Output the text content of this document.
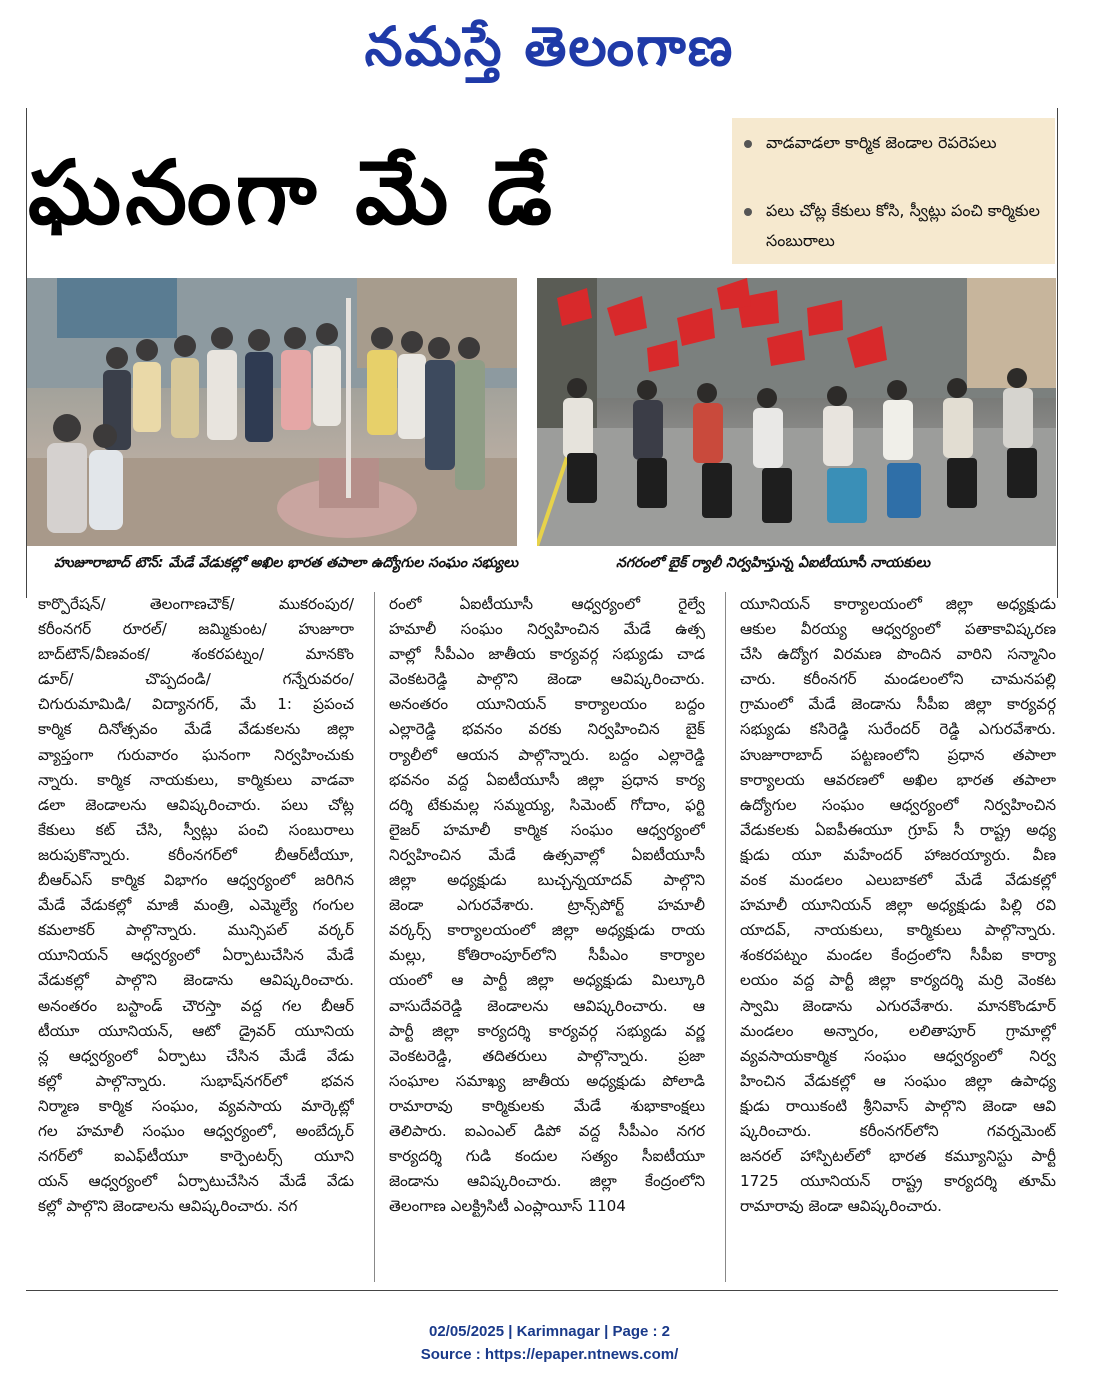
నమస్తే తెలంగాణ
ఘనంగా మే డే	వాడవాడలా కార్మిక జెండాల రెపరెపలు
పలు చోట్ల కేకులు కోసి, స్వీట్లు పంచి కార్మికుల సంబురాలు
హుజూరాబాద్ టౌన్: మేడే వేడుకల్లో అఖిల భారత తపాలా ఉద్యోగుల సంఘం సభ్యులు	నగరంలో బైక్ ర్యాలీ నిర్వహిస్తున్న ఏఐటీయూసీ నాయకులు
కార్పొరేషన్/ తెలంగాణచౌక్/ ముకరంపుర/
కరీంనగర్ రూరల్/ జమ్మికుంట/ హుజూరా
బాద్‌టౌన్/వీణవంక/ శంకరపట్నం/ మానకొం
డూర్/ చొప్పదండి/ గన్నేరువరం/
చిగురుమామిడి/ విద్యానగర్, మే 1: ప్రపంచ
కార్మిక దినోత్సవం మేడే వేడుకలను జిల్లా
వ్యాప్తంగా గురువారం ఘనంగా నిర్వహించుకు
న్నారు. కార్మిక నాయకులు, కార్మికులు వాడవా
డలా జెండాలను ఆవిష్కరించారు. పలు చోట్ల
కేకులు కట్ చేసి, స్వీట్లు పంచి సంబురాలు
జరుపుకొన్నారు. కరీంనగర్‌లో బీఆర్‌టీయూ,
బీఆర్ఎస్ కార్మిక విభాగం ఆధ్వర్యంలో జరిగిన
మేడే వేడుకల్లో మాజీ మంత్రి, ఎమ్మెల్యే గంగుల
కమలాకర్ పాల్గొన్నారు. మున్సిపల్ వర్కర్
యూనియన్ ఆధ్వర్యంలో ఏర్పాటుచేసిన మేడే
వేడుకల్లో పాల్గొని జెండాను ఆవిష్కరించారు.
అనంతరం బస్టాండ్ చౌరస్తా వద్ద గల బీఆర్
టీయూ యూనియన్, ఆటో డ్రైవర్ యూనియ
న్ల ఆధ్వర్యంలో ఏర్పాటు చేసిన మేడే వేడు
కల్లో పాల్గొన్నారు. సుభాష్‌నగర్‌లో భవన
నిర్మాణ కార్మిక సంఘం, వ్యవసాయ మార్కెట్లో
గల హమాలీ సంఘం ఆధ్వర్యంలో, అంబేద్కర్
నగర్‌లో ఐఎఫ్‌టీయూ కార్పెంటర్స్ యూని
యన్ ఆధ్వర్యంలో ఏర్పాటుచేసిన మేడే వేడు
కల్లో పాల్గొని జెండాలను ఆవిష్కరించారు. నగ
రంలో ఏఐటీయూసీ ఆధ్వర్యంలో రైల్వే
హమాలీ సంఘం నిర్వహించిన మేడే ఉత్స
వాల్లో సీపీఎం జాతీయ కార్యవర్గ సభ్యుడు చాడ
వెంకటరెడ్డి పాల్గొని జెండా ఆవిష్కరించారు.
అనంతరం యూనియన్ కార్యాలయం బద్దం
ఎల్లారెడ్డి భవనం వరకు నిర్వహించిన బైక్
ర్యాలీలో ఆయన పాల్గొన్నారు. బద్దం ఎల్లారెడ్డి
భవనం వద్ద ఏఐటీయూసీ జిల్లా ప్రధాన కార్య
దర్శి టేకుమల్ల సమ్మయ్య, సిమెంట్ గోదాం, ఫర్టి
లైజర్ హమాలీ కార్మిక సంఘం ఆధ్వర్యంలో
నిర్వహించిన మేడే ఉత్సవాల్లో ఏఐటీయూసీ
జిల్లా అధ్యక్షుడు బుచ్చన్నయాదవ్ పాల్గొని
జెండా ఎగురవేశారు. ట్రాన్స్‌పోర్ట్ హమాలీ
వర్కర్స్ కార్యాలయంలో జిల్లా అధ్యక్షుడు రాయ
మల్లు, కోతిరాంపూర్‌లోని సీపీఎం కార్యాల
యంలో ఆ పార్టీ జిల్లా అధ్యక్షుడు మిల్కూరి
వాసుదేవరెడ్డి జెండాలను ఆవిష్కరించారు. ఆ
పార్టీ జిల్లా కార్యదర్శి కార్యవర్గ సభ్యుడు వర్ణ
వెంకటరెడ్డి, తదితరులు పాల్గొన్నారు. ప్రజా
సంఘాల సమాఖ్య జాతీయ అధ్యక్షుడు పోలాడి
రామారావు కార్మికులకు మేడే శుభాకాంక్షలు
తెలిపారు. ఐఎంఎల్ డిపో వద్ద సీపీఎం నగర
కార్యదర్శి గుడి కందుల సత్యం సీఐటీయూ
జెండాను ఆవిష్కరించారు. జిల్లా కేంద్రంలోని
తెలంగాణ ఎలక్ట్రిసిటీ ఎంప్లాయీస్ 1104
యూనియన్ కార్యాలయంలో జిల్లా అధ్యక్షుడు
ఆకుల వీరయ్య ఆధ్వర్యంలో పతాకావిష్కరణ
చేసి ఉద్యోగ విరమణ పొందిన వారిని సన్మానిం
చారు. కరీంనగర్ మండలంలోని చామనపల్లి
గ్రామంలో మేడే జెండాను సీపీఐ జిల్లా కార్యవర్గ
సభ్యుడు కసిరెడ్డి సురేందర్ రెడ్డి ఎగురవేశారు.
హుజూరాబాద్ పట్టణంలోని ప్రధాన తపాలా
కార్యాలయ ఆవరణలో అఖిల భారత తపాలా
ఉద్యోగుల సంఘం ఆధ్వర్యంలో నిర్వహించిన
వేడుకలకు ఏఐపీఈయూ గ్రూప్ సీ రాష్ట్ర అధ్య
క్షుడు యూ మహేందర్ హాజరయ్యారు. వీణ
వంక మండలం ఎలుబాకలో మేడే వేడుకల్లో
హమాలీ యూనియన్ జిల్లా అధ్యక్షుడు పిల్లి రవి
యాదవ్, నాయకులు, కార్మికులు పాల్గొన్నారు.
శంకరపట్నం మండల కేంద్రంలోని సీపీఐ కార్యా
లయం వద్ద పార్టీ జిల్లా కార్యదర్శి మర్రి వెంకట
స్వామి జెండాను ఎగురవేశారు. మానకొండూర్
మండలం అన్నారం, లలితాపూర్ గ్రామాల్లో
వ్యవసాయకార్మిక సంఘం ఆధ్వర్యంలో నిర్వ
హించిన వేడుకల్లో ఆ సంఘం జిల్లా ఉపాధ్య
క్షుడు రాయికంటి శ్రీనివాస్ పాల్గొని జెండా ఆవి
ష్కరించారు. కరీంనగర్‌లోని గవర్నమెంట్
జనరల్ హాస్పిటల్‌లో భారత కమ్యూనిస్టు పార్టీ
1725 యూనియన్ రాష్ట్ర కార్యదర్శి తూమ్
రామారావు జెండా ఆవిష్కరించారు.
02/05/2025 | Karimnagar | Page : 2
Source : https://epaper.ntnews.com/
